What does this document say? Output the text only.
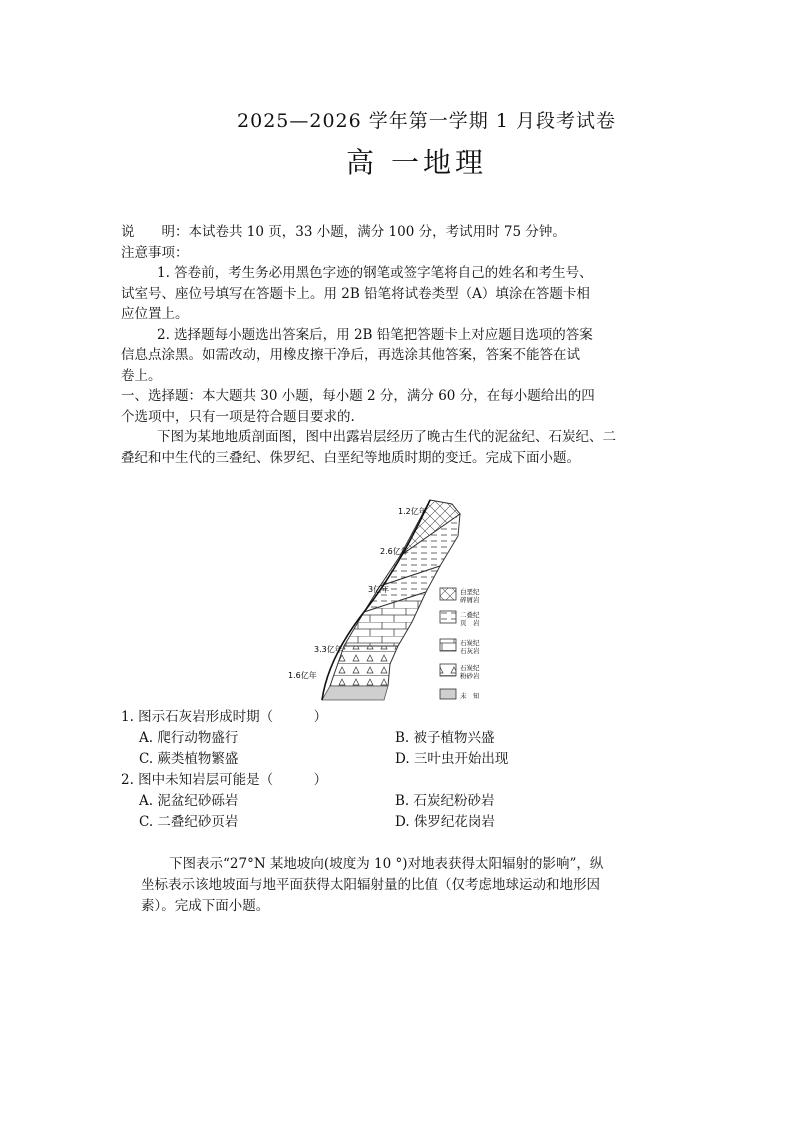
2025—2026 学年第一学期 1 月段考试卷
高 一地理
说　　明：本试卷共 10 页，33 小题，满分 100 分，考试用时 75 分钟。
注意事项：
1. 答卷前，考生务必用黑色字迹的钢笔或签字笔将自己的姓名和考生号、
试室号、座位号填写在答题卡上。用 2B 铅笔将试卷类型（A）填涂在答题卡相
应位置上。
2. 选择题每小题选出答案后，用 2B 铅笔把答题卡上对应题目选项的答案
信息点涂黑。如需改动，用橡皮擦干净后，再选涂其他答案，答案不能答在试
卷上。
一、选择题：本大题共 30 小题，每小题 2 分，满分 60 分，在每小题给出的四
个选项中，只有一项是符合题目要求的.
下图为某地地质剖面图，图中出露岩层经历了晚古生代的泥盆纪、石炭纪、二
叠纪和中生代的三叠纪、侏罗纪、白垩纪等地质时期的变迁。完成下面小题。
1.2亿年
2.6亿年
3亿年
3.3亿年
1.6亿年
白垩纪
碎屑岩
二叠纪
页　岩
石炭纪
石灰岩
石炭纪
粉砂岩
未　知
1. 图示石灰岩形成时期（　　　）
A. 爬行动物盛行	B. 被子植物兴盛
C. 蕨类植物繁盛	D. 三叶虫开始出现
2. 图中未知岩层可能是（　　　）
A. 泥盆纪砂砾岩	B. 石炭纪粉砂岩
C. 二叠纪砂页岩	D. 侏罗纪花岗岩
下图表示“27°N 某地坡向(坡度为 10 °)对地表获得太阳辐射的影响”，纵
坐标表示该地坡面与地平面获得太阳辐射量的比值（仅考虑地球运动和地形因
素）。完成下面小题。
